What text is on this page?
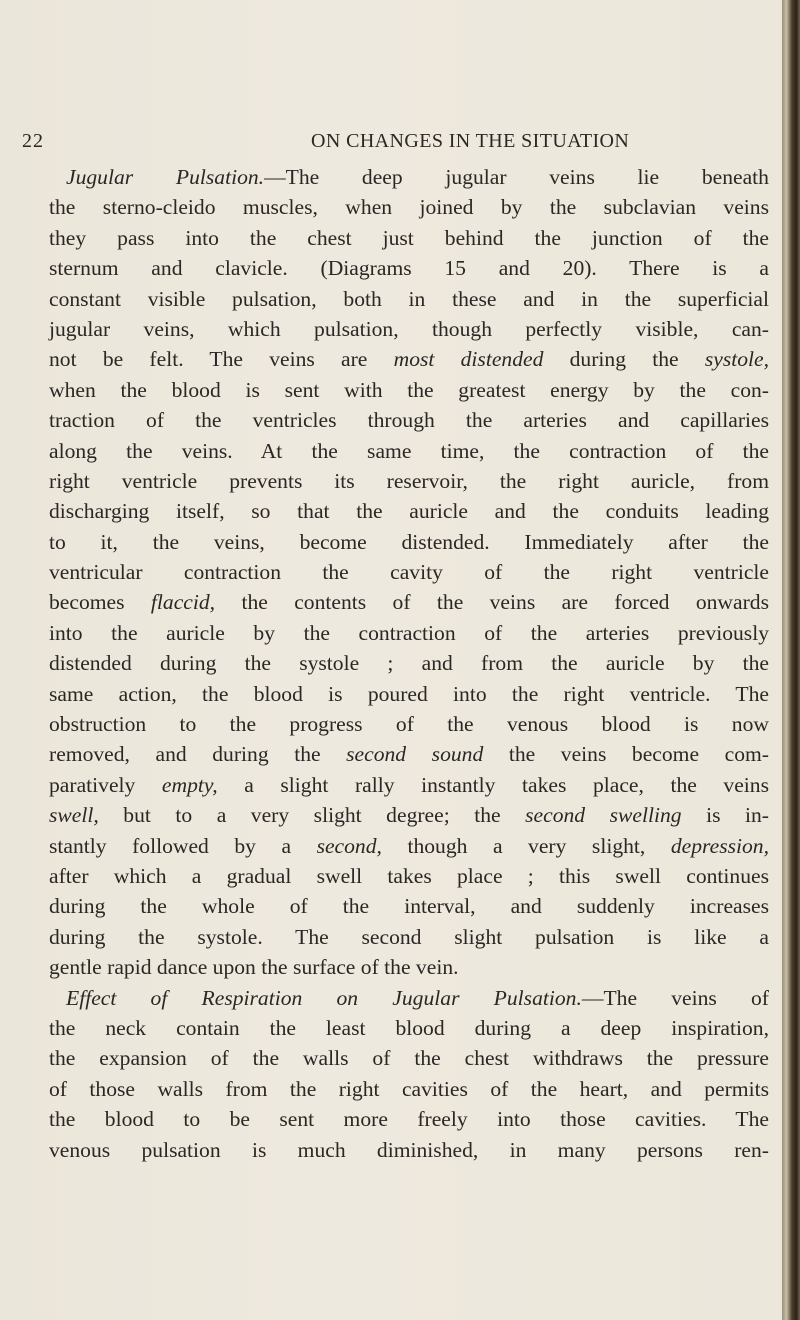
22	ON CHANGES IN THE SITUATION
Jugular Pulsation.—The deep jugular veins lie beneath
the sterno-cleido muscles, when joined by the subclavian veins
they pass into the chest just behind the junction of the
sternum and clavicle. (Diagrams 15 and 20). There is a
constant visible pulsation, both in these and in the superficial
jugular veins, which pulsation, though perfectly visible, can-
not be felt. The veins are most distended during the systole,
when the blood is sent with the greatest energy by the con-
traction of the ventricles through the arteries and capillaries
along the veins. At the same time, the contraction of the
right ventricle prevents its reservoir, the right auricle, from
discharging itself, so that the auricle and the conduits leading
to it, the veins, become distended. Immediately after the
ventricular contraction the cavity of the right ventricle
becomes flaccid, the contents of the veins are forced onwards
into the auricle by the contraction of the arteries previously
distended during the systole ; and from the auricle by the
same action, the blood is poured into the right ventricle. The
obstruction to the progress of the venous blood is now
removed, and during the second sound the veins become com-
paratively empty, a slight rally instantly takes place, the veins
swell, but to a very slight degree; the second swelling is in-
stantly followed by a second, though a very slight, depression,
after which a gradual swell takes place ; this swell continues
during the whole of the interval, and suddenly increases
during the systole. The second slight pulsation is like a
gentle rapid dance upon the surface of the vein.
Effect of Respiration on Jugular Pulsation.—The veins of
the neck contain the least blood during a deep inspiration,
the expansion of the walls of the chest withdraws the pressure
of those walls from the right cavities of the heart, and permits
the blood to be sent more freely into those cavities. The
venous pulsation is much diminished, in many persons ren-
